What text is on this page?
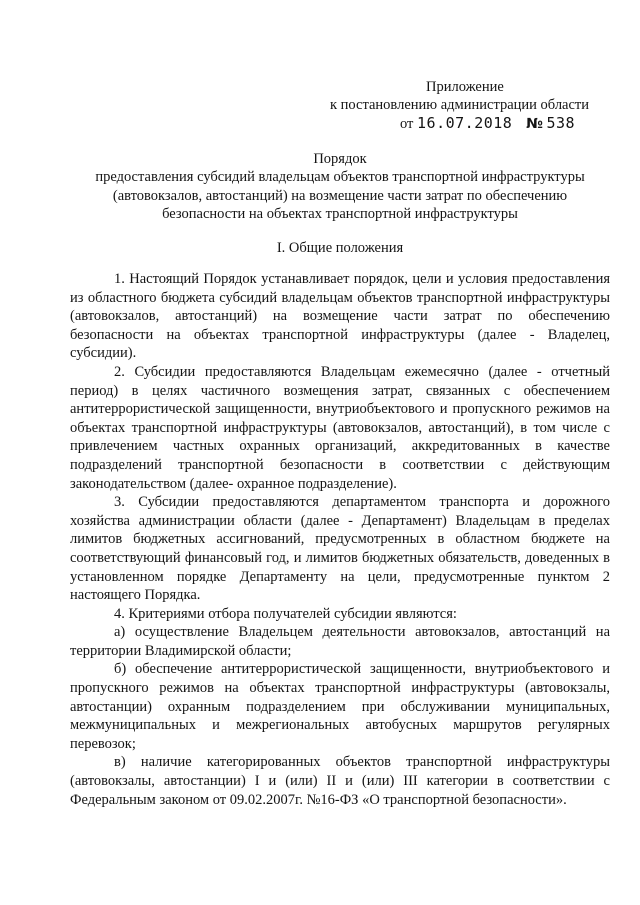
Приложение
к постановлению администрации области
от 16.07.2018 № 538
Порядок
предоставления субсидий владельцам объектов транспортной инфраструктуры (автовокзалов, автостанций) на возмещение части затрат по обеспечению безопасности на объектах транспортной инфраструктуры
I. Общие положения

1. Настоящий Порядок устанавливает порядок, цели и условия предоставления из областного бюджета субсидий владельцам объектов транспортной инфраструктуры (автовокзалов, автостанций) на возмещение части затрат по обеспечению безопасности на объектах транспортной инфраструктуры (далее - Владелец, субсидии).

2. Субсидии предоставляются Владельцам ежемесячно (далее - отчетный период) в целях частичного возмещения затрат, связанных с обеспечением антитеррористической защищенности, внутриобъектового и пропускного режимов на объектах транспортной инфраструктуры (автовокзалов, автостанций), в том числе с привлечением частных охранных организаций, аккредитованных в качестве подразделений транспортной безопасности в соответствии с действующим законодательством (далее- охранное подразделение).

3. Субсидии предоставляются департаментом транспорта и дорожного хозяйства администрации области (далее - Департамент) Владельцам в пределах лимитов бюджетных ассигнований, предусмотренных в областном бюджете на соответствующий финансовый год, и лимитов бюджетных обязательств, доведенных в установленном порядке Департаменту на цели, предусмотренные пунктом 2 настоящего Порядка.

4. Критериями отбора получателей субсидии являются:

а) осуществление Владельцем деятельности автовокзалов, автостанций на территории Владимирской области;

б) обеспечение антитеррористической защищенности, внутриобъектового и пропускного режимов на объектах транспортной инфраструктуры (автовокзалы, автостанции) охранным подразделением при обслуживании муниципальных, межмуниципальных и межрегиональных автобусных маршрутов регулярных перевозок;

в) наличие категорированных объектов транспортной инфраструктуры (автовокзалы, автостанции) I и (или) II и (или) III категории в соответствии с Федеральным законом от 09.02.2007г. №16-ФЗ «О транспортной безопасности».
